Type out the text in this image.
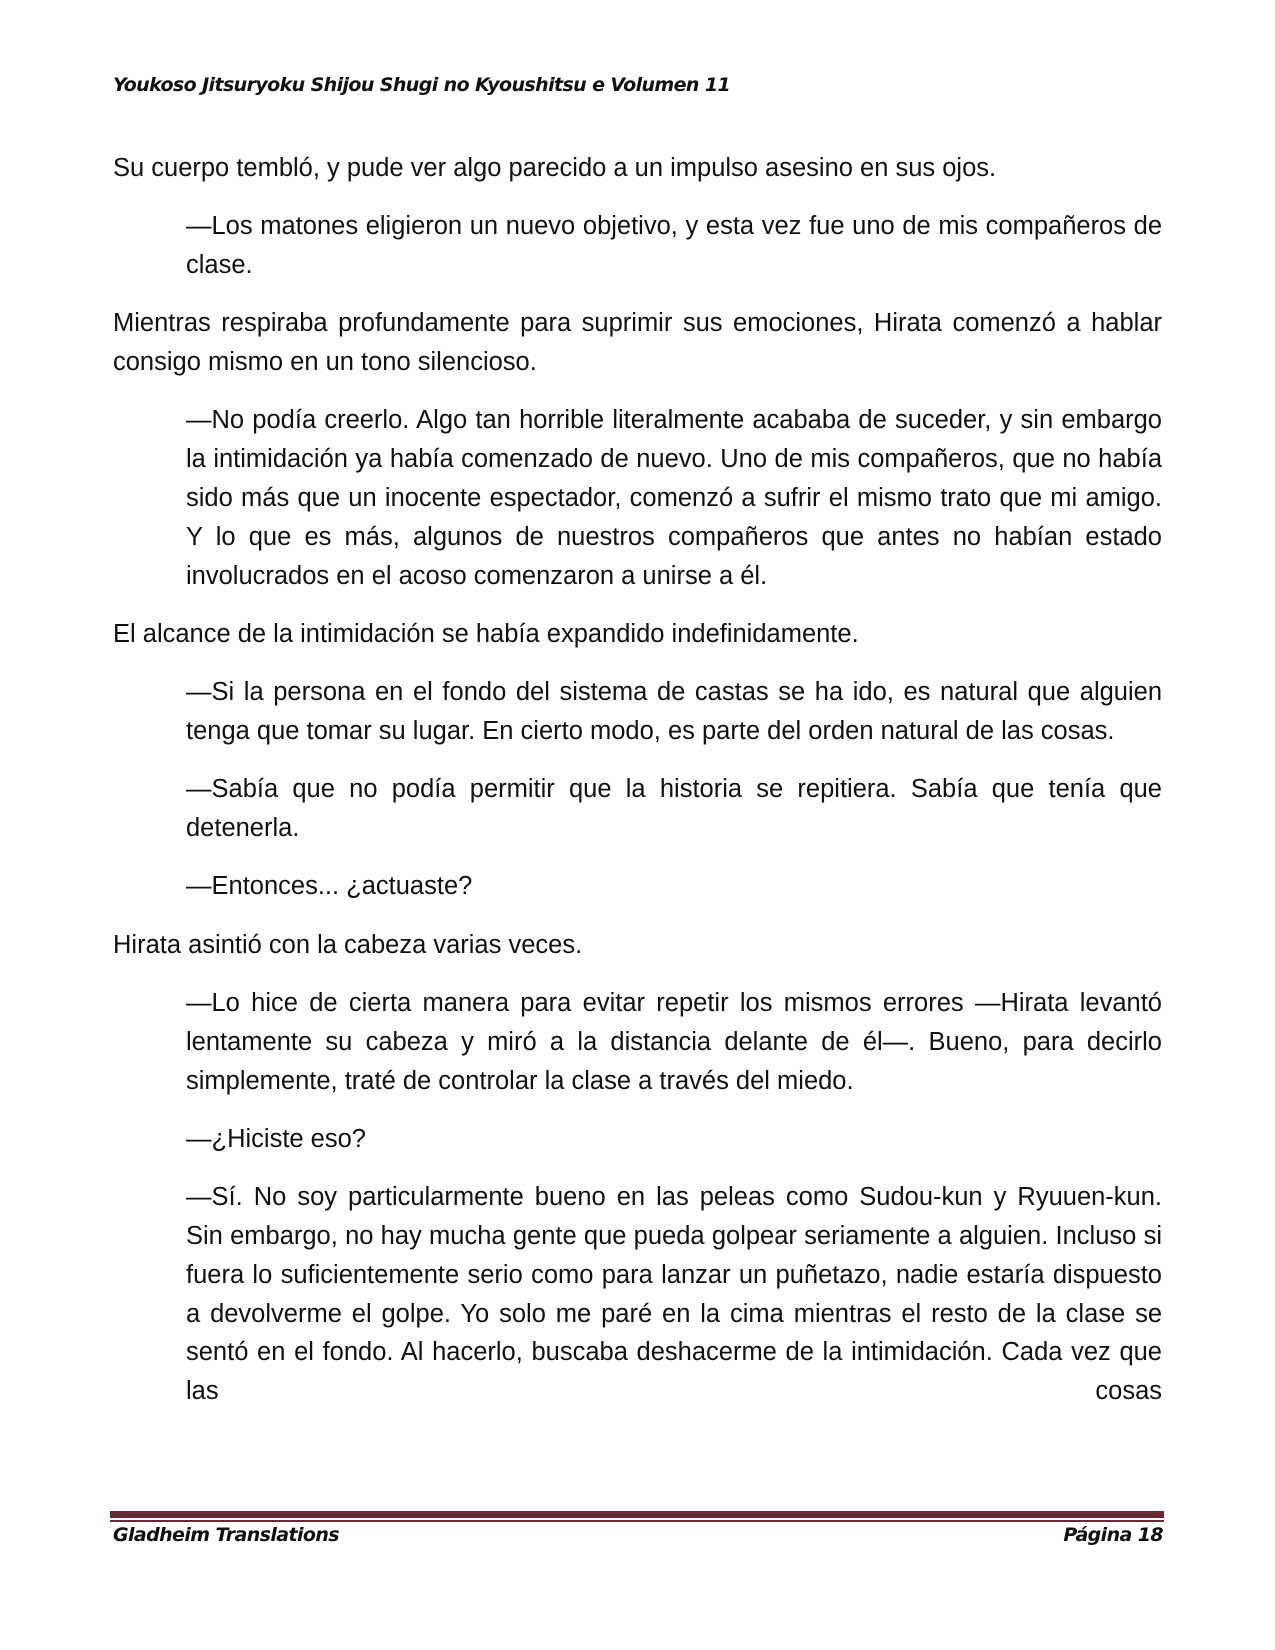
Youkoso Jitsuryoku Shijou Shugi no Kyoushitsu e Volumen 11

Su cuerpo tembló, y pude ver algo parecido a un impulso asesino en sus ojos.

—Los matones eligieron un nuevo objetivo, y esta vez fue uno de mis compañeros de clase.

Mientras respiraba profundamente para suprimir sus emociones, Hirata comenzó a hablar consigo mismo en un tono silencioso.

—No podía creerlo. Algo tan horrible literalmente acababa de suceder, y sin embargo la intimidación ya había comenzado de nuevo. Uno de mis compañeros, que no había sido más que un inocente espectador, comenzó a sufrir el mismo trato que mi amigo. Y lo que es más, algunos de nuestros compañeros que antes no habían estado involucrados en el acoso comenzaron a unirse a él.

El alcance de la intimidación se había expandido indefinidamente.

—Si la persona en el fondo del sistema de castas se ha ido, es natural que alguien tenga que tomar su lugar. En cierto modo, es parte del orden natural de las cosas.

—Sabía que no podía permitir que la historia se repitiera. Sabía que tenía que detenerla.

—Entonces... ¿actuaste?

Hirata asintió con la cabeza varias veces.

—Lo hice de cierta manera para evitar repetir los mismos errores —Hirata levantó lentamente su cabeza y miró a la distancia delante de él—. Bueno, para decirlo simplemente, traté de controlar la clase a través del miedo.

—¿Hiciste eso?

—Sí. No soy particularmente bueno en las peleas como Sudou-kun y Ryuuen-kun. Sin embargo, no hay mucha gente que pueda golpear seriamente a alguien. Incluso si fuera lo suficientemente serio como para lanzar un puñetazo, nadie estaría dispuesto a devolverme el golpe. Yo solo me paré en la cima mientras el resto de la clase se sentó en el fondo. Al hacerlo, buscaba deshacerme de la intimidación. Cada vez que las cosas

Gladheim Translations	Página 18
